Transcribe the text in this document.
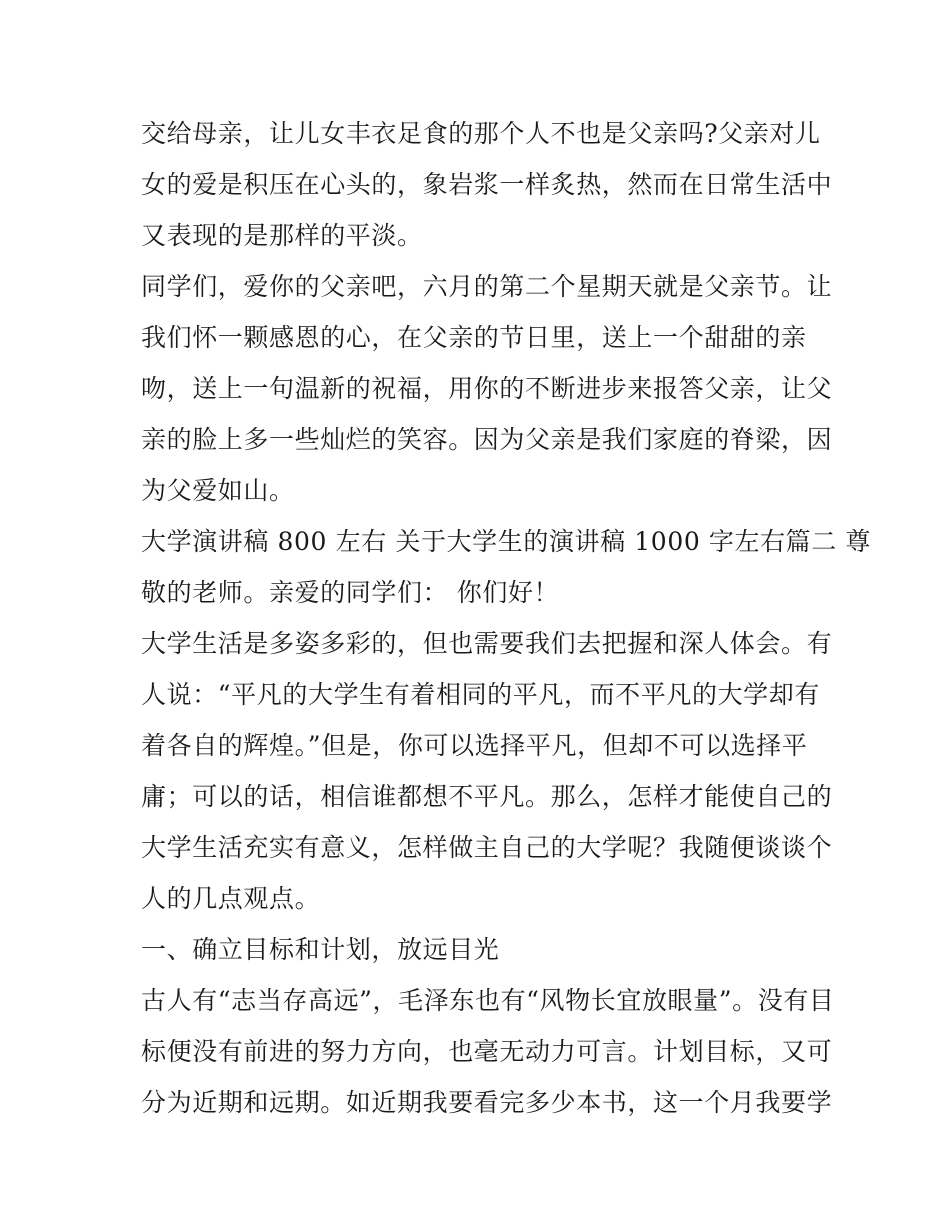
交给母亲，让儿女丰衣足食的那个人不也是父亲吗?父亲对儿

女的爱是积压在心头的，象岩浆一样炙热，然而在日常生活中

又表现的是那样的平淡。

同学们，爱你的父亲吧，六月的第二个星期天就是父亲节。让

我们怀一颗感恩的心，在父亲的节日里，送上一个甜甜的亲

吻，送上一句温新的祝福，用你的不断进步来报答父亲，让父

亲的脸上多一些灿烂的笑容。因为父亲是我们家庭的脊梁，因

为父爱如山。

大学演讲稿 800 左右 关于大学生的演讲稿 1000 字左右篇二 尊

敬的老师。亲爱的同学们： 你们好！

大学生活是多姿多彩的，但也需要我们去把握和深人体会。有

人说：“平凡的大学生有着相同的平凡，而不平凡的大学却有

着各自的辉煌。”但是，你可以选择平凡，但却不可以选择平

庸；可以的话，相信谁都想不平凡。那么，怎样才能使自己的

大学生活充实有意义，怎样做主自己的大学呢？我随便谈谈个

人的几点观点。

一、确立目标和计划，放远目光

古人有“志当存高远”，毛泽东也有“风物长宜放眼量”。没有目

标便没有前进的努力方向，也毫无动力可言。计划目标，又可

分为近期和远期。如近期我要看完多少本书，这一个月我要学
